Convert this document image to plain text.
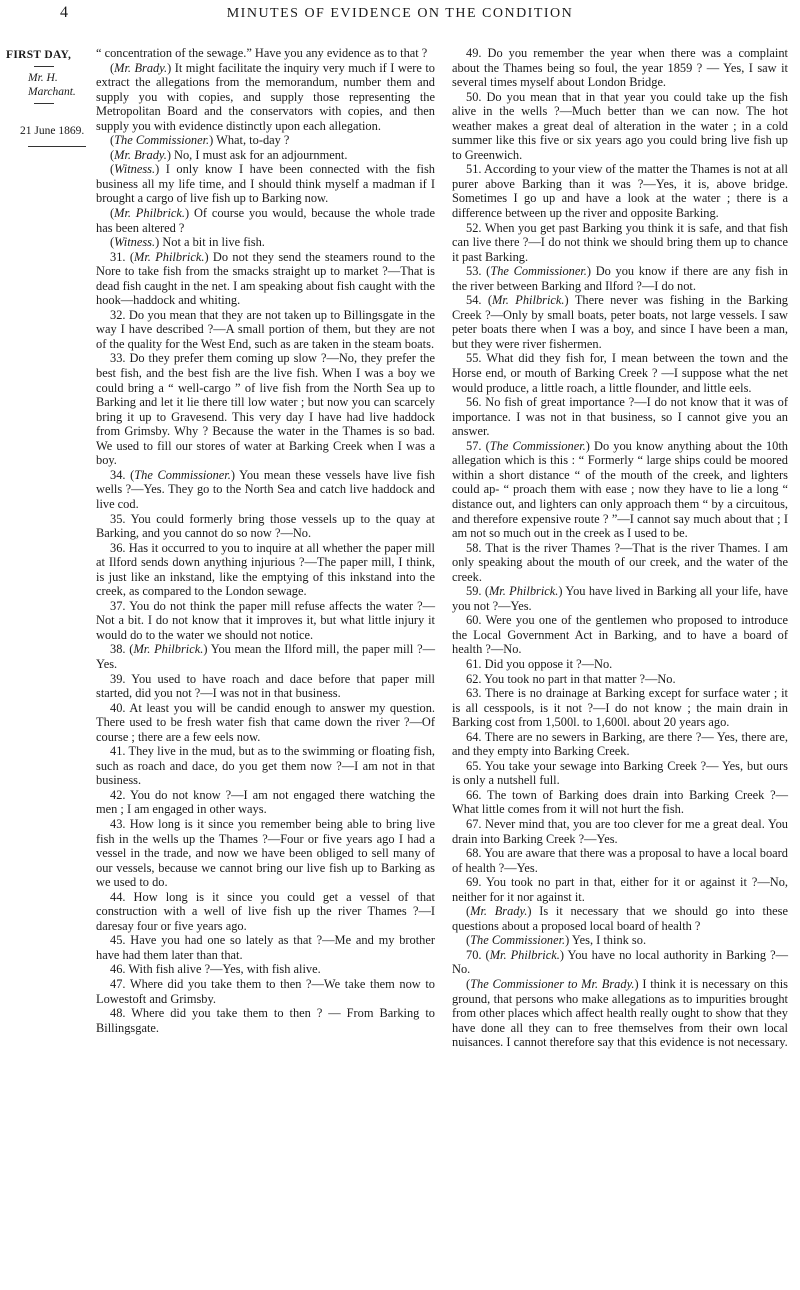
4	MINUTES OF EVIDENCE ON THE CONDITION
FIRST DAY,
Mr. H.
Marchant.
21 June 1869.

“ concentration of the sewage.” Have you any evidence as to that ?

(Mr. Brady.) It might facilitate the inquiry very much if I were to extract the allegations from the memorandum, number them and supply you with copies, and supply those representing the Metropolitan Board and the conservators with copies, and then supply you with evidence distinctly upon each allegation.

(The Commissioner.) What, to-day ?

(Mr. Brady.) No, I must ask for an adjournment.

(Witness.) I only know I have been connected with the fish business all my life time, and I should think myself a madman if I brought a cargo of live fish up to Barking now.

(Mr. Philbrick.) Of course you would, because the whole trade has been altered ?

(Witness.) Not a bit in live fish.

31. (Mr. Philbrick.) Do not they send the steamers round to the Nore to take fish from the smacks straight up to market ?—That is dead fish caught in the net. I am speaking about fish caught with the hook—haddock and whiting.

32. Do you mean that they are not taken up to Billingsgate in the way I have described ?—A small portion of them, but they are not of the quality for the West End, such as are taken in the steam boats.

33. Do they prefer them coming up slow ?—No, they prefer the best fish, and the best fish are the live fish. When I was a boy we could bring a “ well-cargo ” of live fish from the North Sea up to Barking and let it lie there till low water ; but now you can scarcely bring it up to Gravesend. This very day I have had live haddock from Grimsby. Why ? Because the water in the Thames is so bad. We used to fill our stores of water at Barking Creek when I was a boy.

34. (The Commissioner.) You mean these vessels have live fish wells ?—Yes. They go to the North Sea and catch live haddock and live cod.

35. You could formerly bring those vessels up to the quay at Barking, and you cannot do so now ?—No.

36. Has it occurred to you to inquire at all whether the paper mill at Ilford sends down anything injurious ?—The paper mill, I think, is just like an inkstand, like the emptying of this inkstand into the creek, as compared to the London sewage.

37. You do not think the paper mill refuse affects the water ?—Not a bit. I do not know that it improves it, but what little injury it would do to the water we should not notice.

38. (Mr. Philbrick.) You mean the Ilford mill, the paper mill ?—Yes.

39. You used to have roach and dace before that paper mill started, did you not ?—I was not in that business.

40. At least you will be candid enough to answer my question. There used to be fresh water fish that came down the river ?—Of course ; there are a few eels now.

41. They live in the mud, but as to the swimming or floating fish, such as roach and dace, do you get them now ?—I am not in that business.

42. You do not know ?—I am not engaged there watching the men ; I am engaged in other ways.

43. How long is it since you remember being able to bring live fish in the wells up the Thames ?—Four or five years ago I had a vessel in the trade, and now we have been obliged to sell many of our vessels, because we cannot bring our live fish up to Barking as we used to do.

44. How long is it since you could get a vessel of that construction with a well of live fish up the river Thames ?—I daresay four or five years ago.

45. Have you had one so lately as that ?—Me and my brother have had them later than that.

46. With fish alive ?—Yes, with fish alive.

47. Where did you take them to then ?—We take them now to Lowestoft and Grimsby.

48. Where did you take them to then ? — From Barking to Billingsgate.

49. Do you remember the year when there was a complaint about the Thames being so foul, the year 1859 ? — Yes, I saw it several times myself about London Bridge.

50. Do you mean that in that year you could take up the fish alive in the wells ?—Much better than we can now. The hot weather makes a great deal of alteration in the water ; in a cold summer like this five or six years ago you could bring live fish up to Greenwich.

51. According to your view of the matter the Thames is not at all purer above Barking than it was ?—Yes, it is, above bridge. Sometimes I go up and have a look at the water ; there is a difference between up the river and opposite Barking.

52. When you get past Barking you think it is safe, and that fish can live there ?—I do not think we should bring them up to chance it past Barking.

53. (The Commissioner.) Do you know if there are any fish in the river between Barking and Ilford ?—I do not.

54. (Mr. Philbrick.) There never was fishing in the Barking Creek ?—Only by small boats, peter boats, not large vessels. I saw peter boats there when I was a boy, and since I have been a man, but they were river fishermen.

55. What did they fish for, I mean between the town and the Horse end, or mouth of Barking Creek ? —I suppose what the net would produce, a little roach, a little flounder, and little eels.

56. No fish of great importance ?—I do not know that it was of importance. I was not in that business, so I cannot give you an answer.

57. (The Commissioner.) Do you know anything about the 10th allegation which is this : “ Formerly “ large ships could be moored within a short distance “ of the mouth of the creek, and lighters could ap- “ proach them with ease ; now they have to lie a long “ distance out, and lighters can only approach them “ by a circuitous, and therefore expensive route ? ”—I cannot say much about that ; I am not so much out in the creek as I used to be.

58. That is the river Thames ?—That is the river Thames. I am only speaking about the mouth of our creek, and the water of the creek.

59. (Mr. Philbrick.) You have lived in Barking all your life, have you not ?—Yes.

60. Were you one of the gentlemen who proposed to introduce the Local Government Act in Barking, and to have a board of health ?—No.

61. Did you oppose it ?—No.

62. You took no part in that matter ?—No.

63. There is no drainage at Barking except for surface water ; it is all cesspools, is it not ?—I do not know ; the main drain in Barking cost from 1,500l. to 1,600l. about 20 years ago.

64. There are no sewers in Barking, are there ?— Yes, there are, and they empty into Barking Creek.

65. You take your sewage into Barking Creek ?— Yes, but ours is only a nutshell full.

66. The town of Barking does drain into Barking Creek ?—What little comes from it will not hurt the fish.

67. Never mind that, you are too clever for me a great deal. You drain into Barking Creek ?—Yes.

68. You are aware that there was a proposal to have a local board of health ?—Yes.

69. You took no part in that, either for it or against it ?—No, neither for it nor against it.

(Mr. Brady.) Is it necessary that we should go into these questions about a proposed local board of health ?

(The Commissioner.) Yes, I think so.

70. (Mr. Philbrick.) You have no local authority in Barking ?—No.

(The Commissioner to Mr. Brady.) I think it is necessary on this ground, that persons who make allegations as to impurities brought from other places which affect health really ought to show that they have done all they can to free themselves from their own local nuisances. I cannot therefore say that this evidence is not necessary.
